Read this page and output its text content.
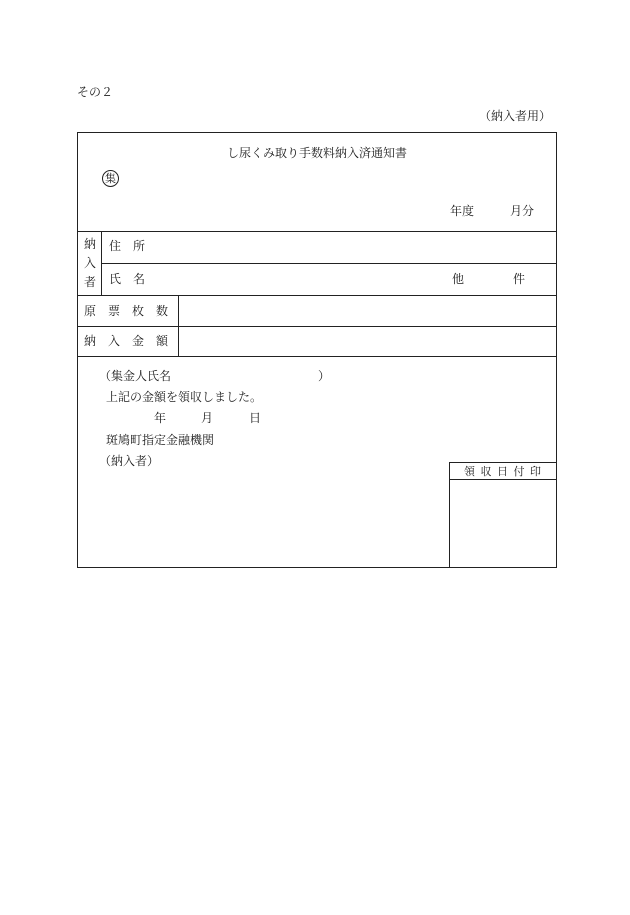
その２
（納入者用）
し尿くみ取り手数料納入済通知書
集
年度	月分
納
入
者
住　所
氏　名	他	件
原　票　枚　数
納　入　金　額
（集金人氏名	）
上記の金額を領収しました。
年	月	日
斑鳩町指定金融機関
（納入者）
領 収 日 付 印
